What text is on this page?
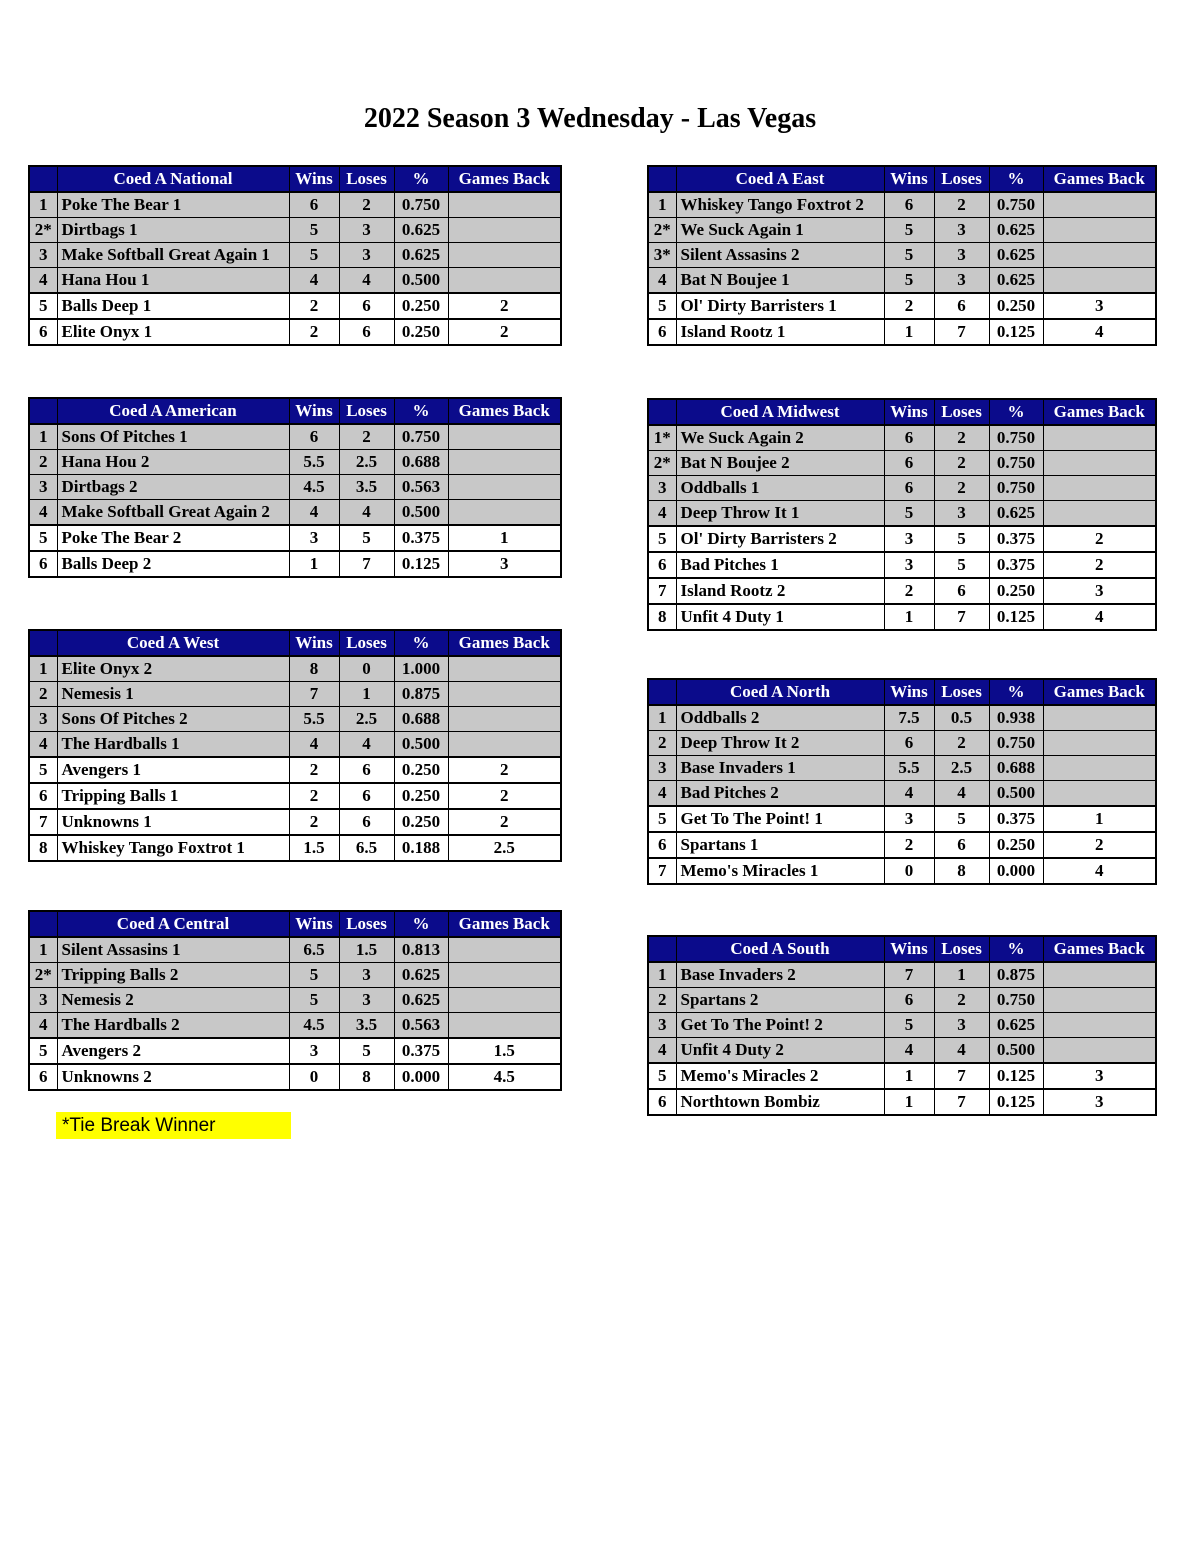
2022 Season 3 Wednesday - Las Vegas
	Coed A National	Wins	Loses	%	Games Back
1	Poke The Bear 1	6	2	0.750	
2*	Dirtbags 1	5	3	0.625	
3	Make Softball Great Again 1	5	3	0.625	
4	Hana Hou 1	4	4	0.500	
5	Balls Deep 1	2	6	0.250	2
6	Elite Onyx 1	2	6	0.250	2
	Coed A East	Wins	Loses	%	Games Back
1	Whiskey Tango Foxtrot 2	6	2	0.750	
2*	We Suck Again 1	5	3	0.625	
3*	Silent Assasins 2	5	3	0.625	
4	Bat N Boujee 1	5	3	0.625	
5	Ol' Dirty Barristers 1	2	6	0.250	3
6	Island Rootz 1	1	7	0.125	4
	Coed A American	Wins	Loses	%	Games Back
1	Sons Of Pitches 1	6	2	0.750	
2	Hana Hou 2	5.5	2.5	0.688	
3	Dirtbags 2	4.5	3.5	0.563	
4	Make Softball Great Again 2	4	4	0.500	
5	Poke The Bear 2	3	5	0.375	1
6	Balls Deep 2	1	7	0.125	3
	Coed A Midwest	Wins	Loses	%	Games Back
1*	We Suck Again 2	6	2	0.750	
2*	Bat N Boujee 2	6	2	0.750	
3	Oddballs 1	6	2	0.750	
4	Deep Throw It 1	5	3	0.625	
5	Ol' Dirty Barristers 2	3	5	0.375	2
6	Bad Pitches 1	3	5	0.375	2
7	Island Rootz 2	2	6	0.250	3
8	Unfit 4 Duty 1	1	7	0.125	4
	Coed A West	Wins	Loses	%	Games Back
1	Elite Onyx 2	8	0	1.000	
2	Nemesis 1	7	1	0.875	
3	Sons Of Pitches 2	5.5	2.5	0.688	
4	The Hardballs 1	4	4	0.500	
5	Avengers 1	2	6	0.250	2
6	Tripping Balls 1	2	6	0.250	2
7	Unknowns 1	2	6	0.250	2
8	Whiskey Tango Foxtrot 1	1.5	6.5	0.188	2.5
	Coed A North	Wins	Loses	%	Games Back
1	Oddballs 2	7.5	0.5	0.938	
2	Deep Throw It 2	6	2	0.750	
3	Base Invaders 1	5.5	2.5	0.688	
4	Bad Pitches 2	4	4	0.500	
5	Get To The Point! 1	3	5	0.375	1
6	Spartans 1	2	6	0.250	2
7	Memo's Miracles 1	0	8	0.000	4
	Coed A Central	Wins	Loses	%	Games Back
1	Silent Assasins 1	6.5	1.5	0.813	
2*	Tripping Balls 2	5	3	0.625	
3	Nemesis 2	5	3	0.625	
4	The Hardballs 2	4.5	3.5	0.563	
5	Avengers 2	3	5	0.375	1.5
6	Unknowns 2	0	8	0.000	4.5
	Coed A South	Wins	Loses	%	Games Back
1	Base Invaders 2	7	1	0.875	
2	Spartans 2	6	2	0.750	
3	Get To The Point! 2	5	3	0.625	
4	Unfit 4 Duty 2	4	4	0.500	
5	Memo's Miracles 2	1	7	0.125	3
6	Northtown Bombiz	1	7	0.125	3
*Tie Break Winner
